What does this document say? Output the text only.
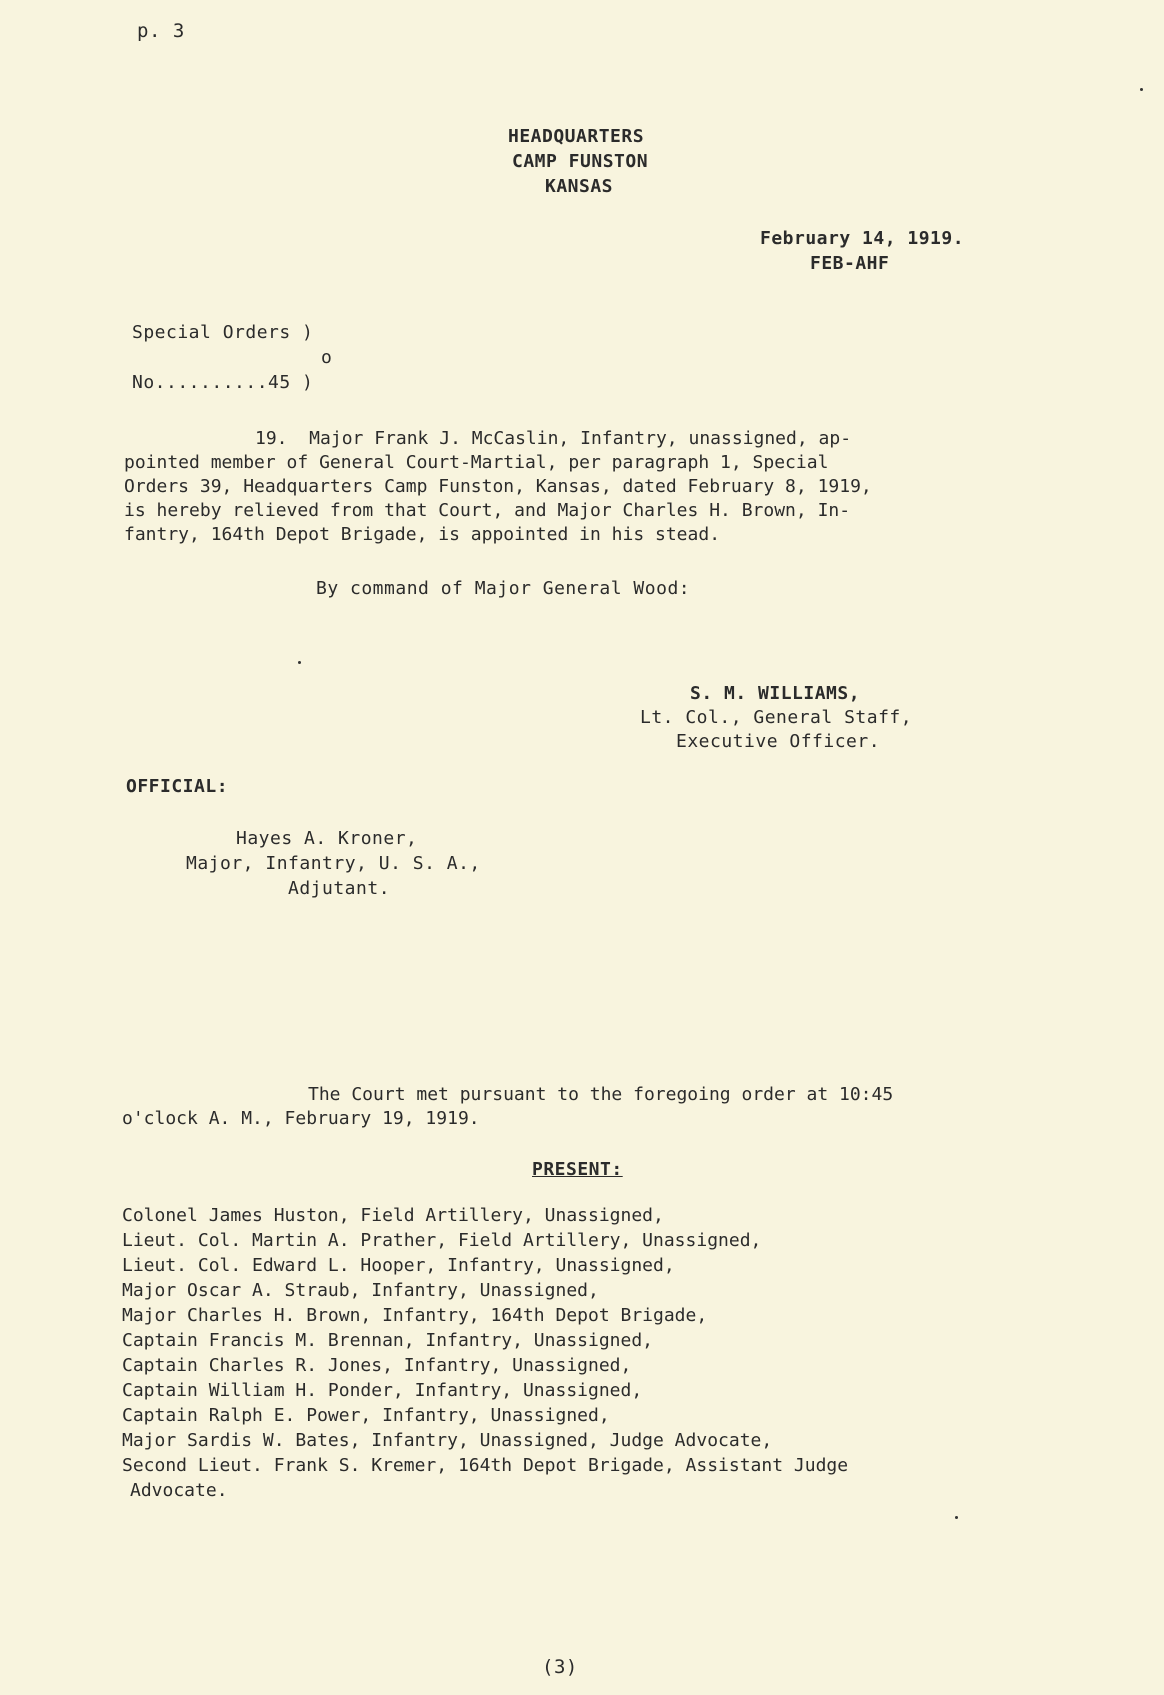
p. 3
HEADQUARTERS
CAMP FUNSTON
KANSAS
February 14, 1919.
FEB-AHF
Special Orders )
o
No..........45 )
19.  Major Frank J. McCaslin, Infantry, unassigned, ap-
pointed member of General Court-Martial, per paragraph 1, Special
Orders 39, Headquarters Camp Funston, Kansas, dated February 8, 1919,
is hereby relieved from that Court, and Major Charles H. Brown, In-
fantry, 164th Depot Brigade, is appointed in his stead.
By command of Major General Wood:
S. M. WILLIAMS,
Lt. Col., General Staff,
Executive Officer.
OFFICIAL:
Hayes A. Kroner,
Major, Infantry, U. S. A.,
Adjutant.
The Court met pursuant to the foregoing order at 10:45
o'clock A. M., February 19, 1919.
PRESENT:
Colonel James Huston, Field Artillery, Unassigned,
Lieut. Col. Martin A. Prather, Field Artillery, Unassigned,
Lieut. Col. Edward L. Hooper, Infantry, Unassigned,
Major Oscar A. Straub, Infantry, Unassigned,
Major Charles H. Brown, Infantry, 164th Depot Brigade,
Captain Francis M. Brennan, Infantry, Unassigned,
Captain Charles R. Jones, Infantry, Unassigned,
Captain William H. Ponder, Infantry, Unassigned,
Captain Ralph E. Power, Infantry, Unassigned,
Major Sardis W. Bates, Infantry, Unassigned, Judge Advocate,
Second Lieut. Frank S. Kremer, 164th Depot Brigade, Assistant Judge
Advocate.
(3)
